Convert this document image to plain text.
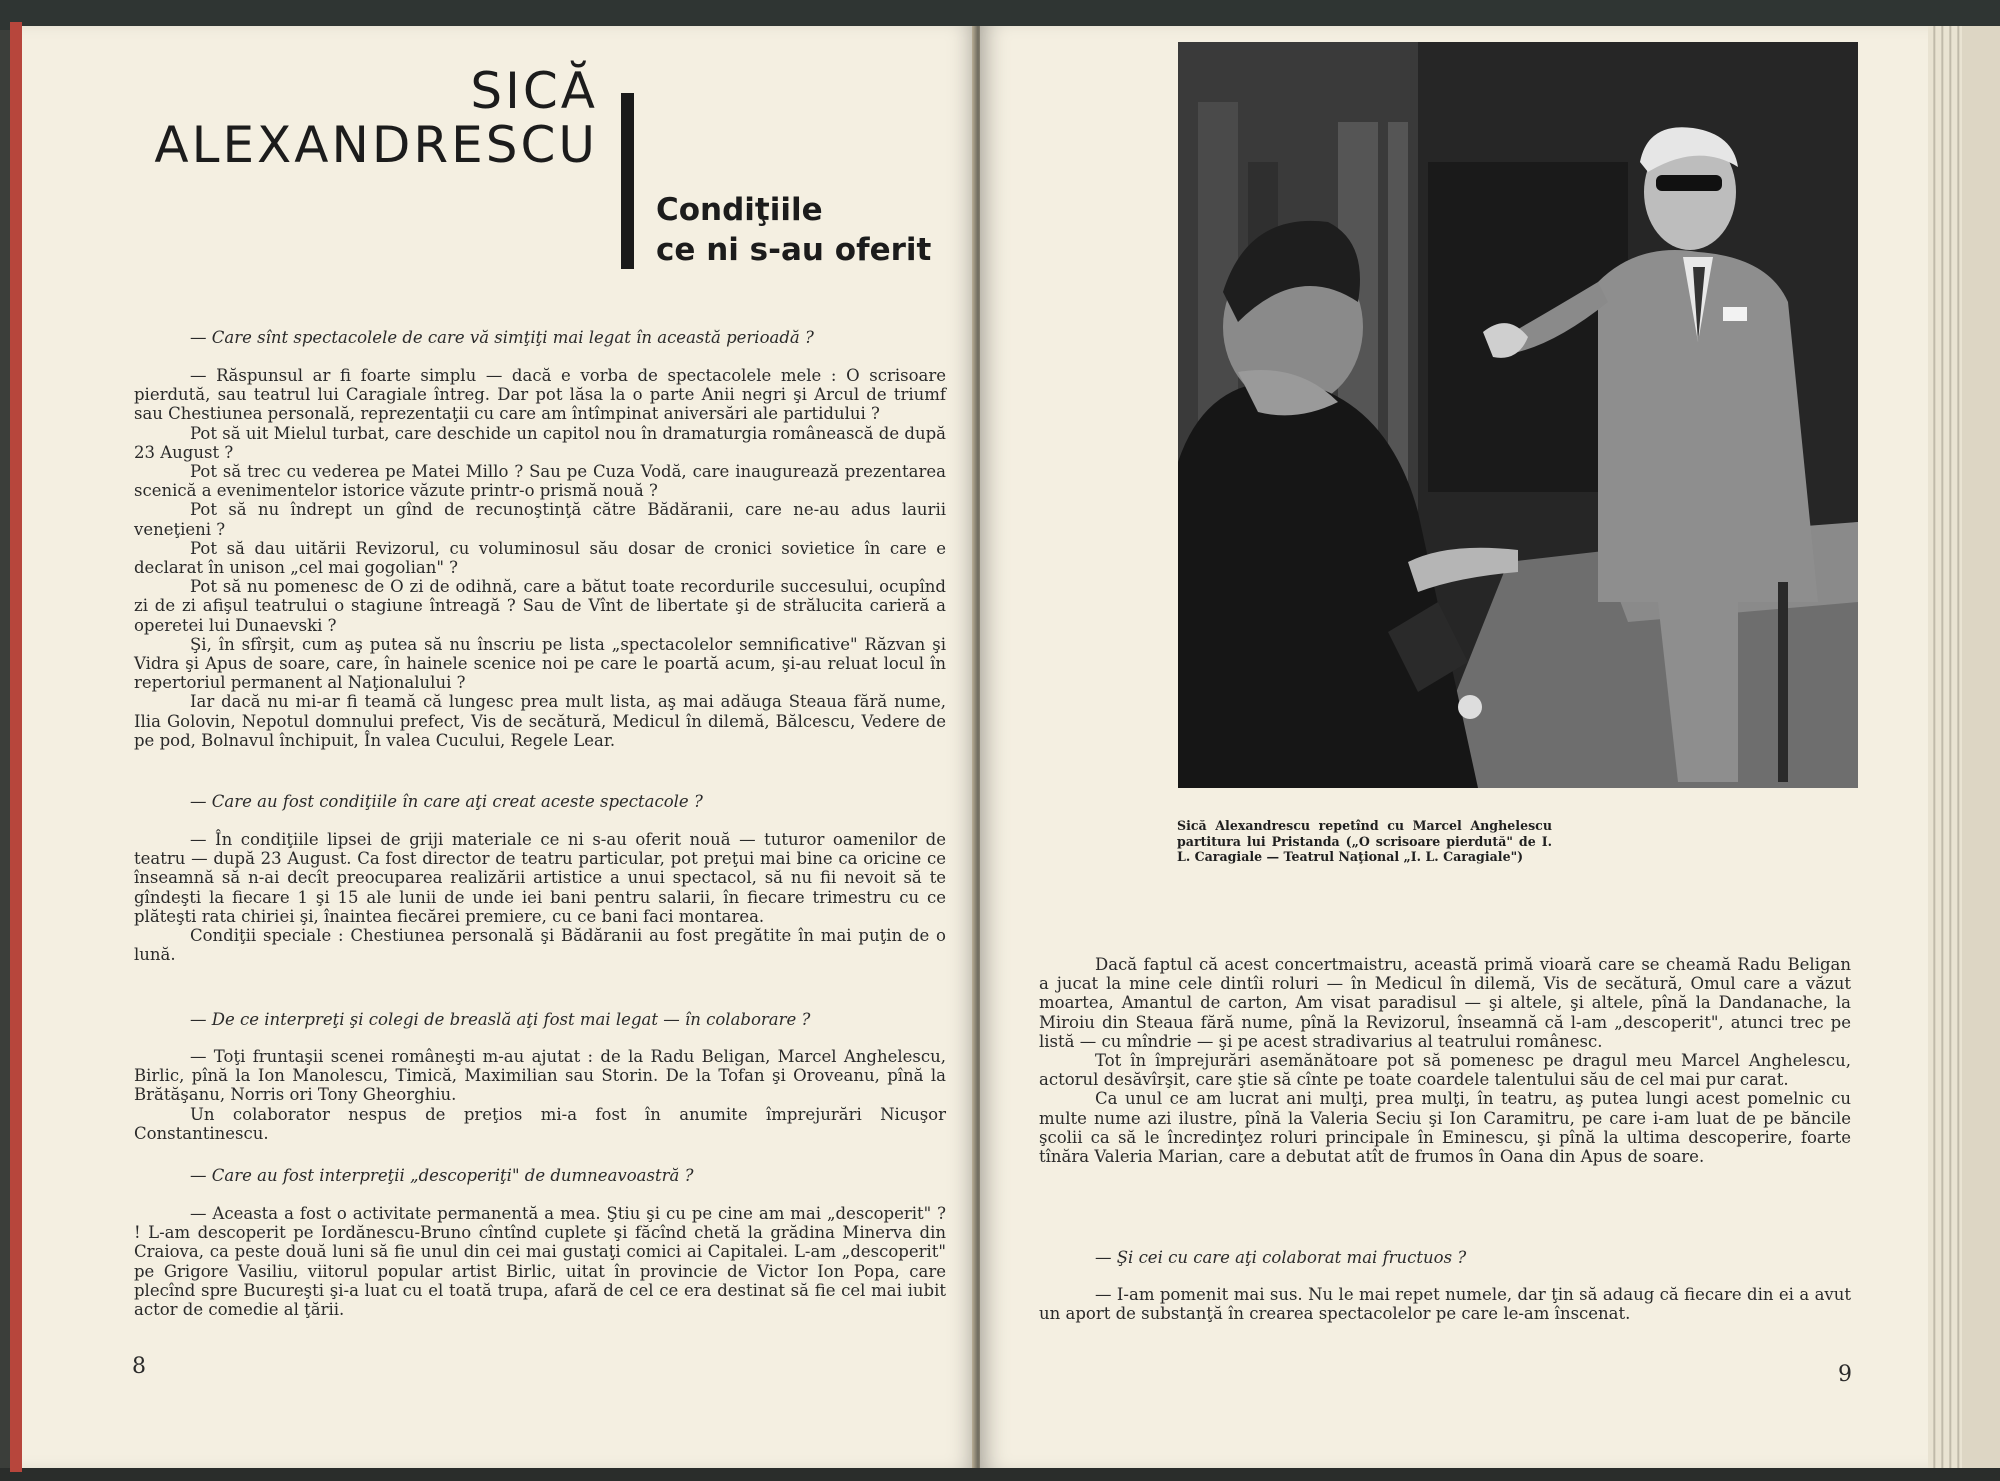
SICĂ
ALEXANDRESCU
Condiţiile
ce ni s-au oferit

— Care sînt spectacolele de care vă simţiţi mai legat în această perioadă ?

— Răspunsul ar fi foarte simplu — dacă e vorba de spectacolele mele : O scrisoare pierdută, sau teatrul lui Caragiale întreg. Dar pot lăsa la o parte Anii negri şi Arcul de triumf sau Chestiunea personală, reprezentaţii cu care am întîmpinat aniversări ale partidului ?

Pot să uit Mielul turbat, care deschide un capitol nou în dramaturgia românească de după 23 August ?

Pot să trec cu vederea pe Matei Millo ? Sau pe Cuza Vodă, care inaugurează prezentarea scenică a evenimentelor istorice văzute printr-o prismă nouă ?

Pot să nu îndrept un gînd de recunoştinţă către Bădăranii, care ne-au adus laurii veneţieni ?

Pot să dau uitării Revizorul, cu voluminosul său dosar de cronici sovietice în care e declarat în unison „cel mai gogolian" ?

Pot să nu pomenesc de O zi de odihnă, care a bătut toate recordurile succesului, ocupînd zi de zi afişul teatrului o stagiune întreagă ? Sau de Vînt de libertate şi de strălucita carieră a operetei lui Dunaevski ?

Şi, în sfîrşit, cum aş putea să nu înscriu pe lista „spectacolelor semnificative" Răzvan şi Vidra şi Apus de soare, care, în hainele scenice noi pe care le poartă acum, şi-au reluat locul în repertoriul permanent al Naţionalului ?

Iar dacă nu mi-ar fi teamă că lungesc prea mult lista, aş mai adăuga Steaua fără nume, Ilia Golovin, Nepotul domnului prefect, Vis de secătură, Medicul în dilemă, Bălcescu, Vedere de pe pod, Bolnavul închipuit, În valea Cucului, Regele Lear.

— Care au fost condiţiile în care aţi creat aceste spectacole ?

— În condiţiile lipsei de griji materiale ce ni s-au oferit nouă — tuturor oamenilor de teatru — după 23 August. Ca fost director de teatru particular, pot preţui mai bine ca oricine ce înseamnă să n-ai decît preocuparea realizării artistice a unui spectacol, să nu fii nevoit să te gîndeşti la fiecare 1 şi 15 ale lunii de unde iei bani pentru salarii, în fiecare trimestru cu ce plăteşti rata chiriei şi, înaintea fiecărei premiere, cu ce bani faci montarea.

Condiţii speciale : Chestiunea personală şi Bădăranii au fost pregătite în mai puţin de o lună.

— De ce interpreţi şi colegi de breaslă aţi fost mai legat — în colaborare ?

— Toţi fruntaşii scenei româneşti m-au ajutat : de la Radu Beligan, Marcel Anghelescu, Birlic, pînă la Ion Manolescu, Timică, Maximilian sau Storin. De la Tofan şi Oroveanu, pînă la Brătăşanu, Norris ori Tony Gheorghiu.

Un colaborator nespus de preţios mi-a fost în anumite împrejurări Nicuşor Constantinescu.

— Care au fost interpreţii „descoperiţi" de dumneavoastră ?

— Aceasta a fost o activitate permanentă a mea. Ştiu şi cu pe cine am mai „descoperit" ? ! L-am descoperit pe Iordănescu-Bruno cîntînd cuplete şi făcînd chetă la grădina Minerva din Craiova, ca peste două luni să fie unul din cei mai gustaţi comici ai Capitalei. L-am „descoperit" pe Grigore Vasiliu, viitorul popular artist Birlic, uitat în provincie de Victor Ion Popa, care plecînd spre Bucureşti şi-a luat cu el toată trupa, afară de cel ce era destinat să fie cel mai iubit actor de comedie al ţării.

8

Sică Alexandrescu repetînd cu Marcel Anghelescu partitura lui Pristanda („O scrisoare pierdută" de I. L. Caragiale — Teatrul Naţional „I. L. Caragiale")

Dacă faptul că acest concertmaistru, această primă vioară care se cheamă Radu Beligan a jucat la mine cele dintîi roluri — în Medicul în dilemă, Vis de secătură, Omul care a văzut moartea, Amantul de carton, Am visat paradisul — şi altele, şi altele, pînă la Dandanache, la Miroiu din Steaua fără nume, pînă la Revizorul, înseamnă că l-am „descoperit", atunci trec pe listă — cu mîndrie — şi pe acest stradivarius al teatrului românesc.

Tot în împrejurări asemănătoare pot să pomenesc pe dragul meu Marcel Anghelescu, actorul desăvîrşit, care ştie să cînte pe toate coardele talentului său de cel mai pur carat.

Ca unul ce am lucrat ani mulţi, prea mulţi, în teatru, aş putea lungi acest pomelnic cu multe nume azi ilustre, pînă la Valeria Seciu şi Ion Caramitru, pe care i-am luat de pe băncile şcolii ca să le încredinţez roluri principale în Eminescu, şi pînă la ultima descoperire, foarte tînăra Valeria Marian, care a debutat atît de frumos în Oana din Apus de soare.

— Şi cei cu care aţi colaborat mai fructuos ?

— I-am pomenit mai sus. Nu le mai repet numele, dar ţin să adaug că fiecare din ei a avut un aport de substanţă în crearea spectacolelor pe care le-am înscenat.

9
